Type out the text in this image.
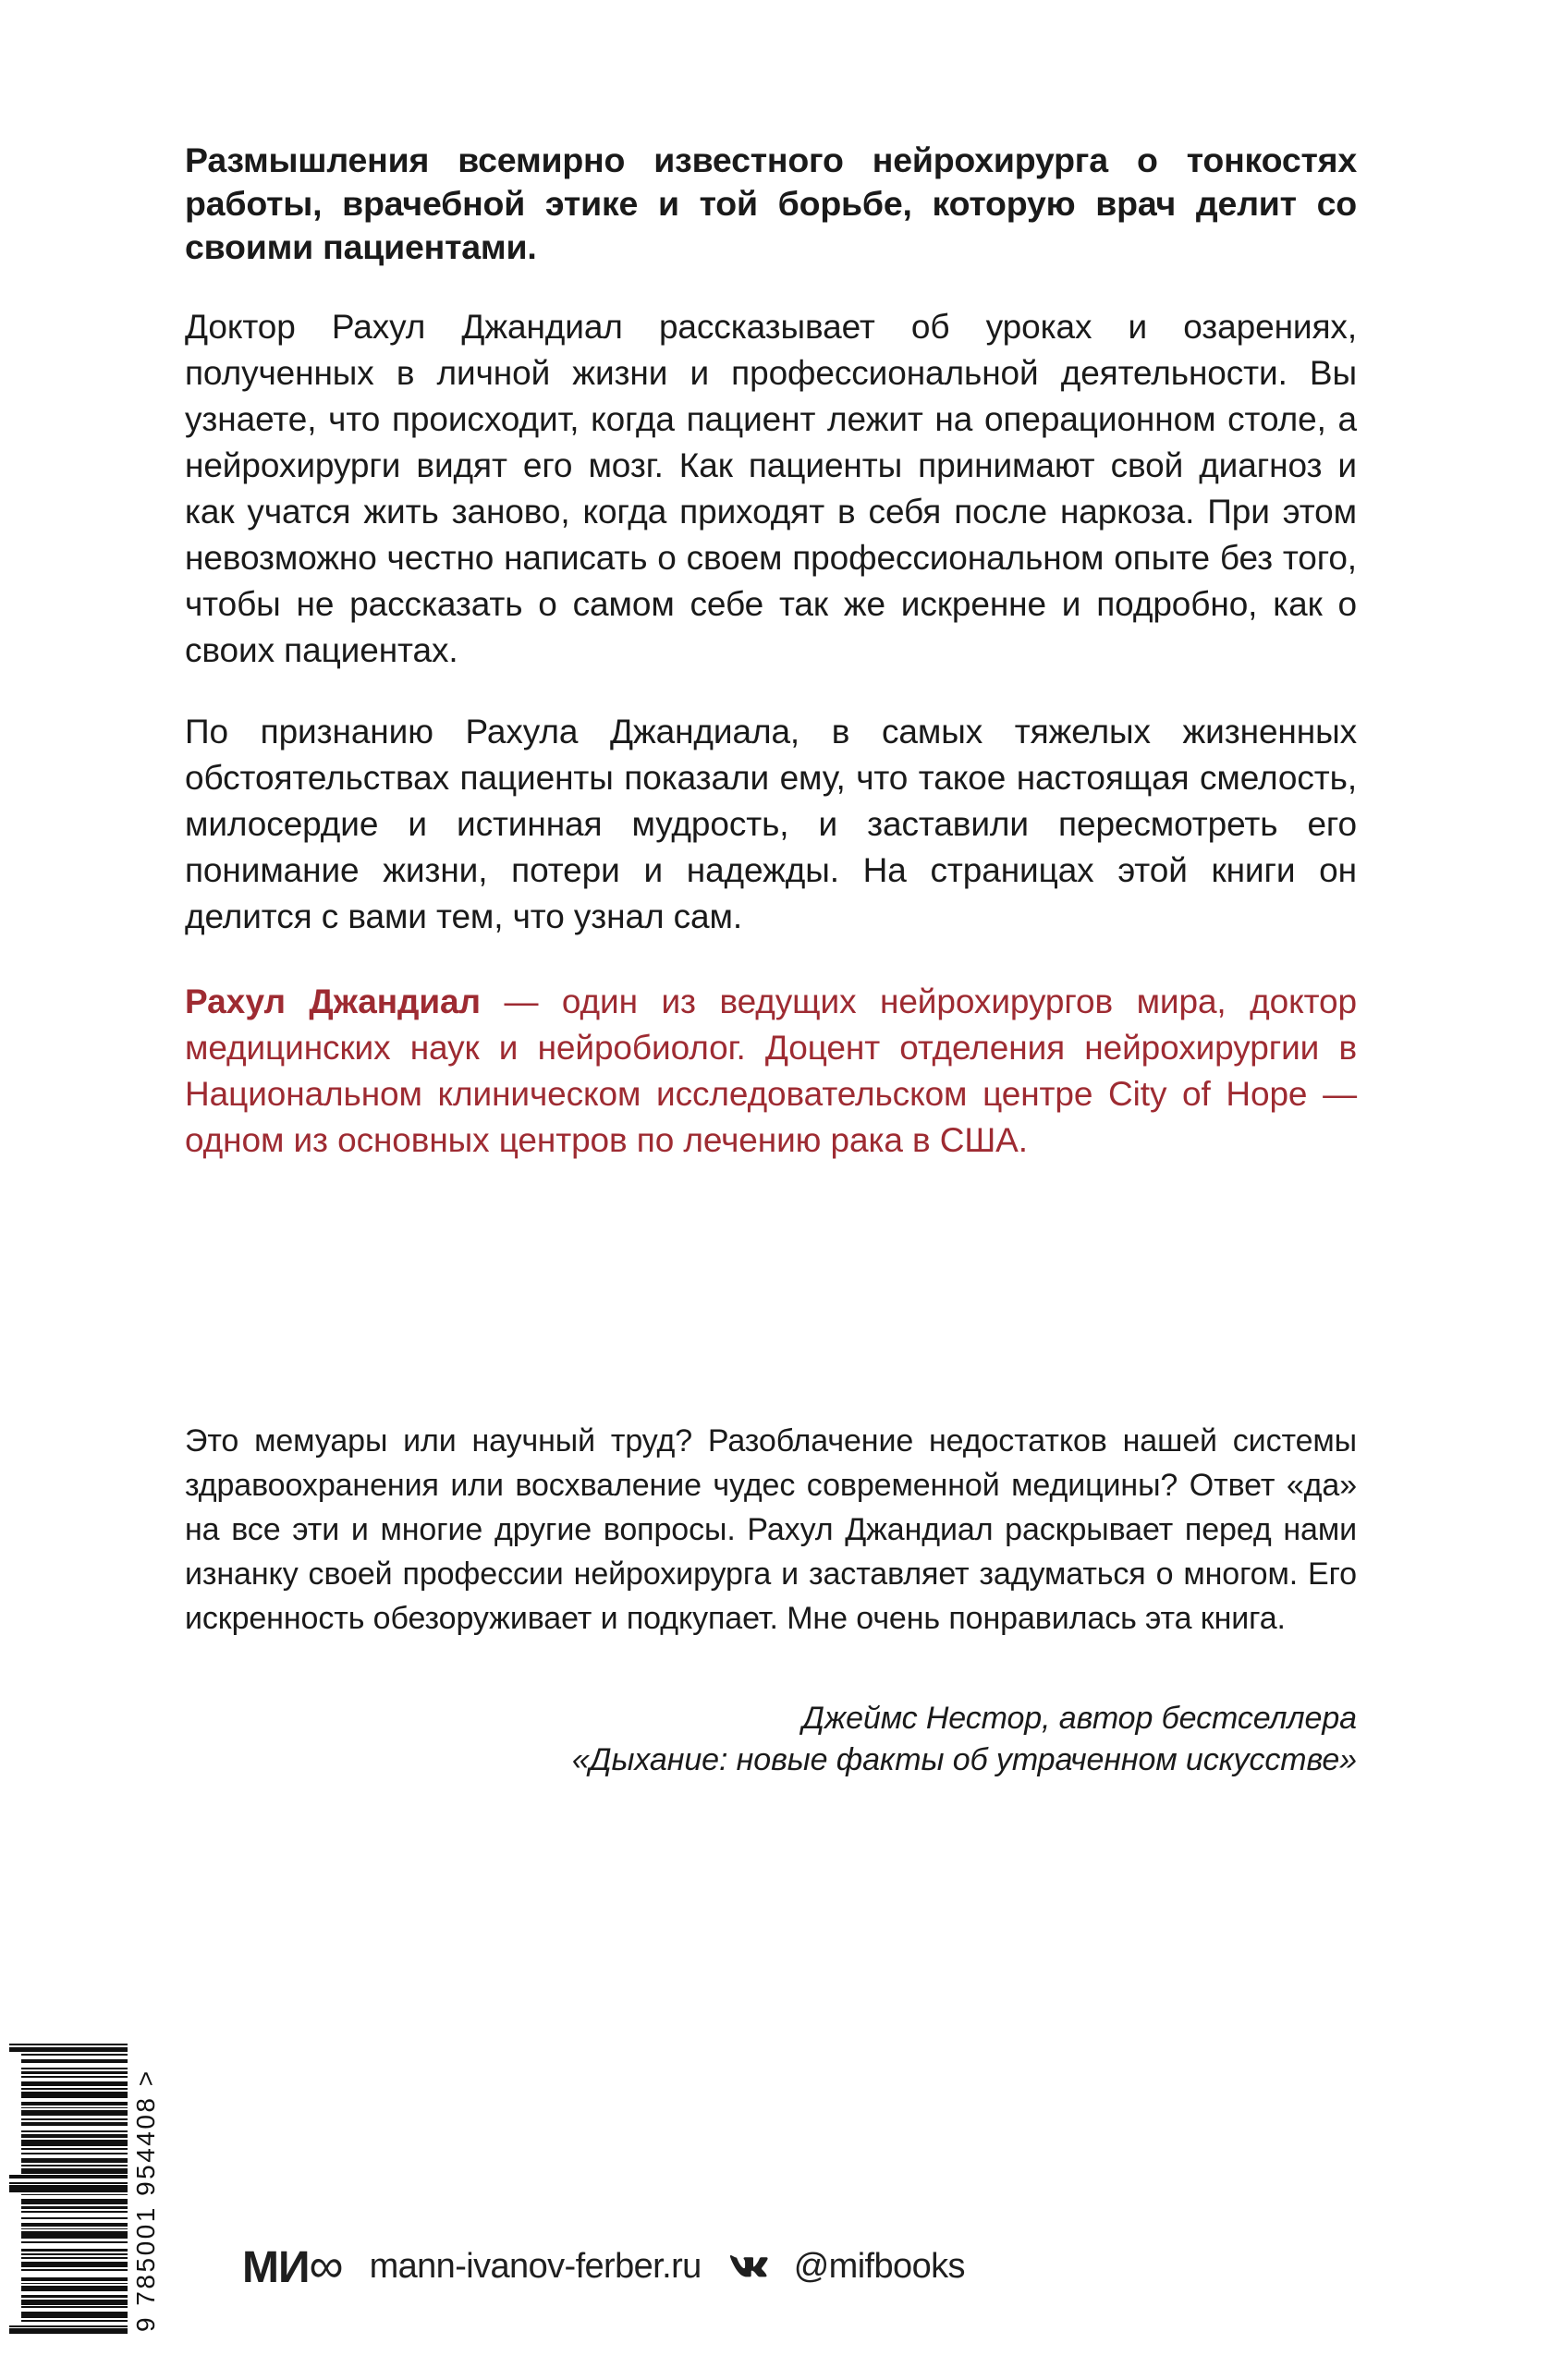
Размышления всемирно известного нейрохирурга о тонкостях работы, врачебной этике и той борьбе, которую врач делит со своими пациентами.

Доктор Рахул Джандиал рассказывает об уроках и озарениях, полученных в личной жизни и профессиональной деятельности. Вы узнаете, что происходит, когда пациент лежит на операционном столе, а нейрохирурги видят его мозг. Как пациенты принимают свой диагноз и как учатся жить заново, когда приходят в себя после наркоза. При этом невозможно честно написать о своем профессиональном опыте без того, чтобы не рассказать о самом себе так же искренне и подробно, как о своих пациентах.

По признанию Рахула Джандиала, в самых тяжелых жизненных обстоятельствах пациенты показали ему, что такое настоящая смелость, милосердие и истинная мудрость, и заставили пересмотреть его понимание жизни, потери и надежды. На страницах этой книги он делится с вами тем, что узнал сам.

Рахул Джандиал — один из ведущих нейрохирургов мира, доктор медицинских наук и нейробиолог. Доцент отделения нейрохирургии в Национальном клиническом исследовательском центре City of Hope — одном из основных центров по лечению рака в США.

Это мемуары или научный труд? Разоблачение недостатков нашей системы здравоохранения или восхваление чудес современной медицины? Ответ «да» на все эти и многие другие вопросы. Рахул Джандиал раскрывает перед нами изнанку своей профессии нейрохирурга и заставляет задуматься о многом. Его искренность обезоруживает и подкупает. Мне очень понравилась эта книга.

Джеймс Нестор, автор бестселлера
«Дыхание: новые факты об утраченном искусстве»

9 785001 954408 > МИ∞ mann-ivanov-ferber.ru	@mifbooks
